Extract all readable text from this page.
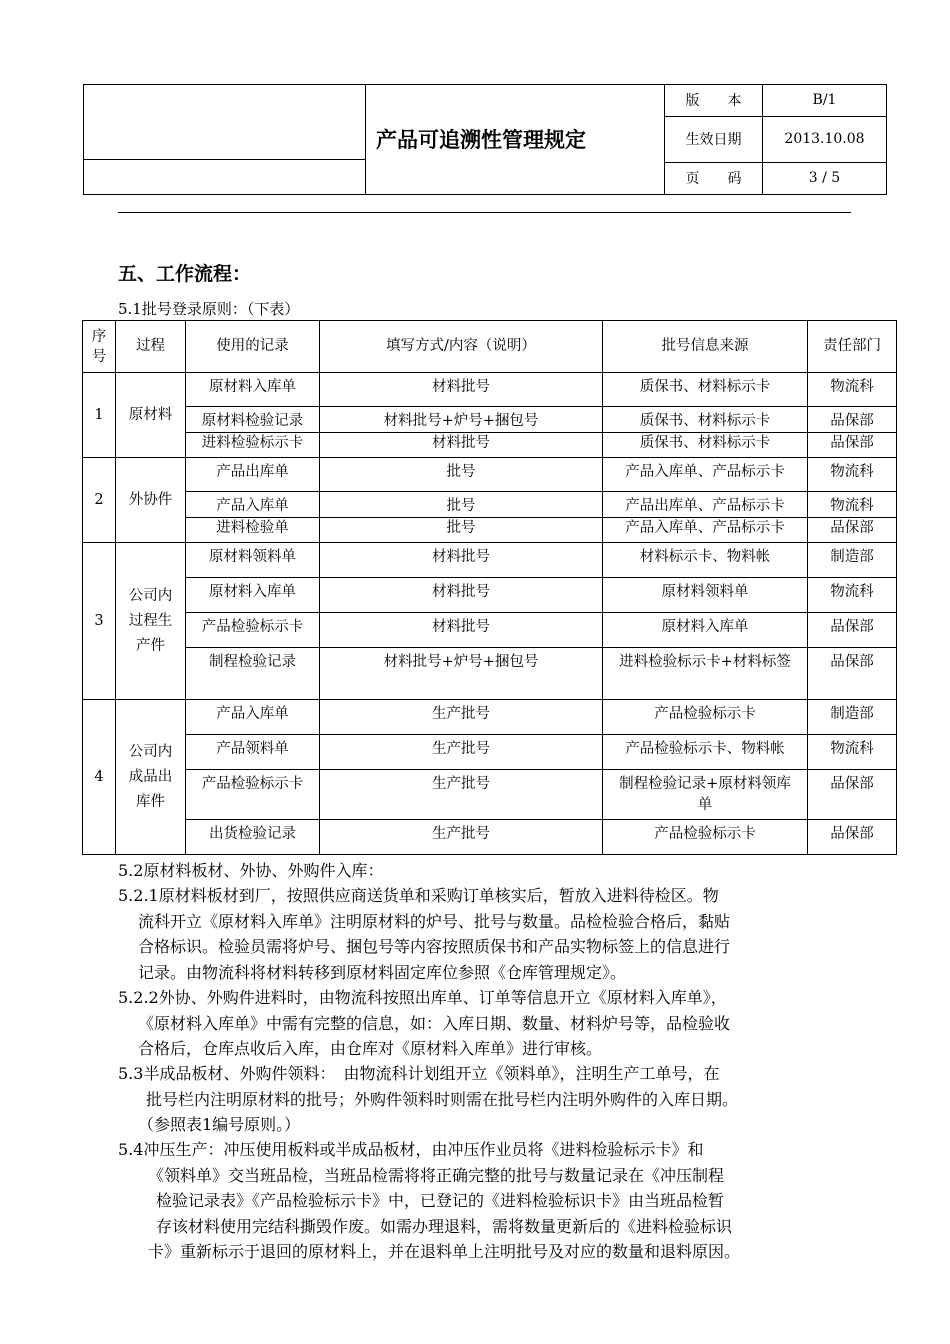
产品可追溯性管理规定
版　　本	B/1
生效日期	2013.10.08
页　　码	3 / 5
五、工作流程：
5.1批号登录原则：（下表）
序号	过程	使用的记录	填写方式/内容（说明）	批号信息来源	责任部门
1	原材料	原材料入库单	材料批号	质保书、材料标示卡	物流科
		原材料检验记录	材料批号+炉号+捆包号	质保书、材料标示卡	品保部
		进料检验标示卡	材料批号	质保书、材料标示卡	品保部
2	外协件	产品出库单	批号	产品入库单、产品标示卡	物流科
		产品入库单	批号	产品出库单、产品标示卡	物流科
		进料检验单	批号	产品入库单、产品标示卡	品保部
3	公司内过程生产件	原材料领料单	材料批号	材料标示卡、物料帐	制造部
		原材料入库单	材料批号	原材料领料单	物流科
		产品检验标示卡	材料批号	原材料入库单	品保部
		制程检验记录	材料批号+炉号+捆包号	进料检验标示卡+材料标签	品保部
4	公司内成品出库件	产品入库单	生产批号	产品检验标示卡	制造部
		产品领料单	生产批号	产品检验标示卡、物料帐	物流科
		产品检验标示卡	生产批号	制程检验记录+原材料领库单	品保部
		出货检验记录	生产批号	产品检验标示卡	品保部
5.2原材料板材、外协、外购件入库：
5.2.1原材料板材到厂，按照供应商送货单和采购订单核实后，暂放入进料待检区。物
流科开立《原材料入库单》注明原材料的炉号、批号与数量。品检检验合格后，黏贴
合格标识。检验员需将炉号、捆包号等内容按照质保书和产品实物标签上的信息进行
记录。由物流科将材料转移到原材料固定库位参照《仓库管理规定》。
5.2.2外协、外购件进料时，由物流科按照出库单、订单等信息开立《原材料入库单》，
《原材料入库单》中需有完整的信息，如：入库日期、数量、材料炉号等，品检验收
合格后，仓库点收后入库，由仓库对《原材料入库单》进行审核。
5.3半成品板材、外购件领料：　由物流科计划组开立《领料单》，注明生产工单号，在
批号栏内注明原材料的批号；外购件领料时则需在批号栏内注明外购件的入库日期。
（参照表1编号原则。）
5.4冲压生产：冲压使用板料或半成品板材，由冲压作业员将《进料检验标示卡》和
《领料单》交当班品检，当班品检需将将正确完整的批号与数量记录在《冲压制程
检验记录表》《产品检验标示卡》中，已登记的《进料检验标识卡》由当班品检暂
存该材料使用完结科撕毁作废。如需办理退料，需将数量更新后的《进料检验标识
卡》重新标示于退回的原材料上，并在退料单上注明批号及对应的数量和退料原因。
